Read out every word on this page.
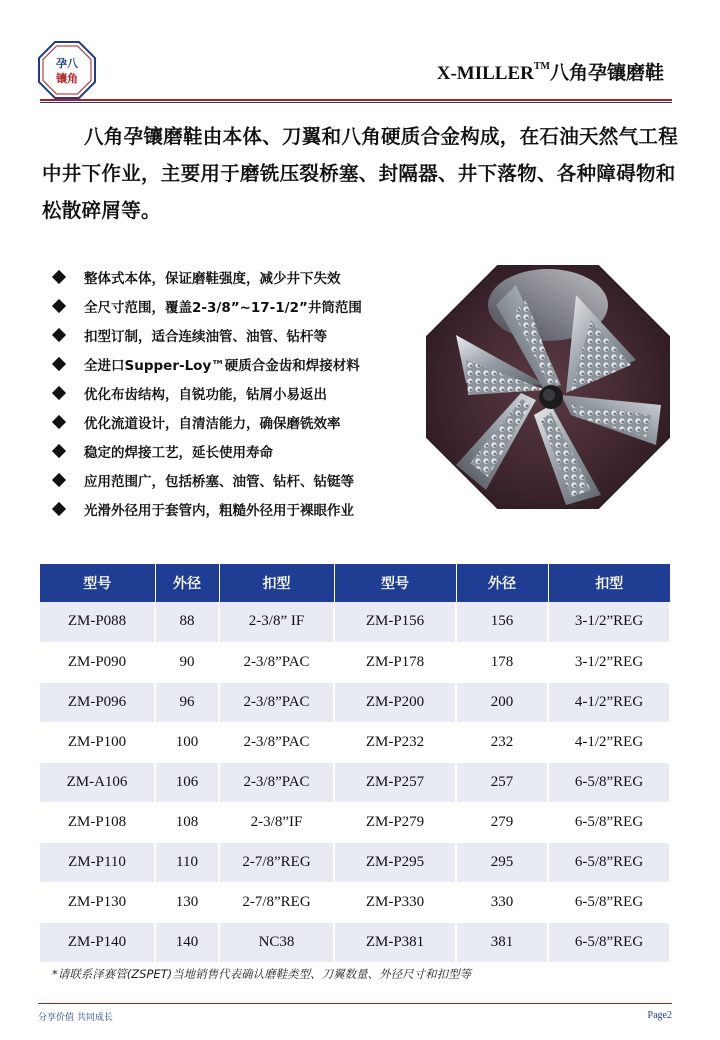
孕八
镶角	X-MILLER™八角孕镶磨鞋

八角孕镶磨鞋由本体、刀翼和八角硬质合金构成，在石油天然气工程中井下作业，主要用于磨铣压裂桥塞、封隔器、井下落物、各种障碍物和松散碎屑等。

整体式本体，保证磨鞋强度，减少井下失效
全尺寸范围，覆盖2-3/8”~17-1/2”井筒范围
扣型订制，适合连续油管、油管、钻杆等
全进口Supper-Loy™硬质合金齿和焊接材料
优化布齿结构，自锐功能，钻屑小易返出
优化流道设计，自清洁能力，确保磨铣效率
稳定的焊接工艺，延长使用寿命
应用范围广，包括桥塞、油管、钻杆、钻铤等
光滑外径用于套管内，粗糙外径用于裸眼作业
型号	外径	扣型	型号	外径	扣型
ZM-P088	88	2-3/8” IF	ZM-P156	156	3-1/2”REG
ZM-P090	90	2-3/8”PAC	ZM-P178	178	3-1/2”REG
ZM-P096	96	2-3/8”PAC	ZM-P200	200	4-1/2”REG
ZM-P100	100	2-3/8”PAC	ZM-P232	232	4-1/2”REG
ZM-A106	106	2-3/8”PAC	ZM-P257	257	6-5/8”REG
ZM-P108	108	2-3/8”IF	ZM-P279	279	6-5/8”REG
ZM-P110	110	2-7/8”REG	ZM-P295	295	6-5/8”REG
ZM-P130	130	2-7/8”REG	ZM-P330	330	6-5/8”REG
ZM-P140	140	NC38	ZM-P381	381	6-5/8”REG
*请联系泽赛管(ZSPET)当地销售代表确认磨鞋类型、刀翼数量、外径尺寸和扣型等
分享价值 共同成长	Page2
